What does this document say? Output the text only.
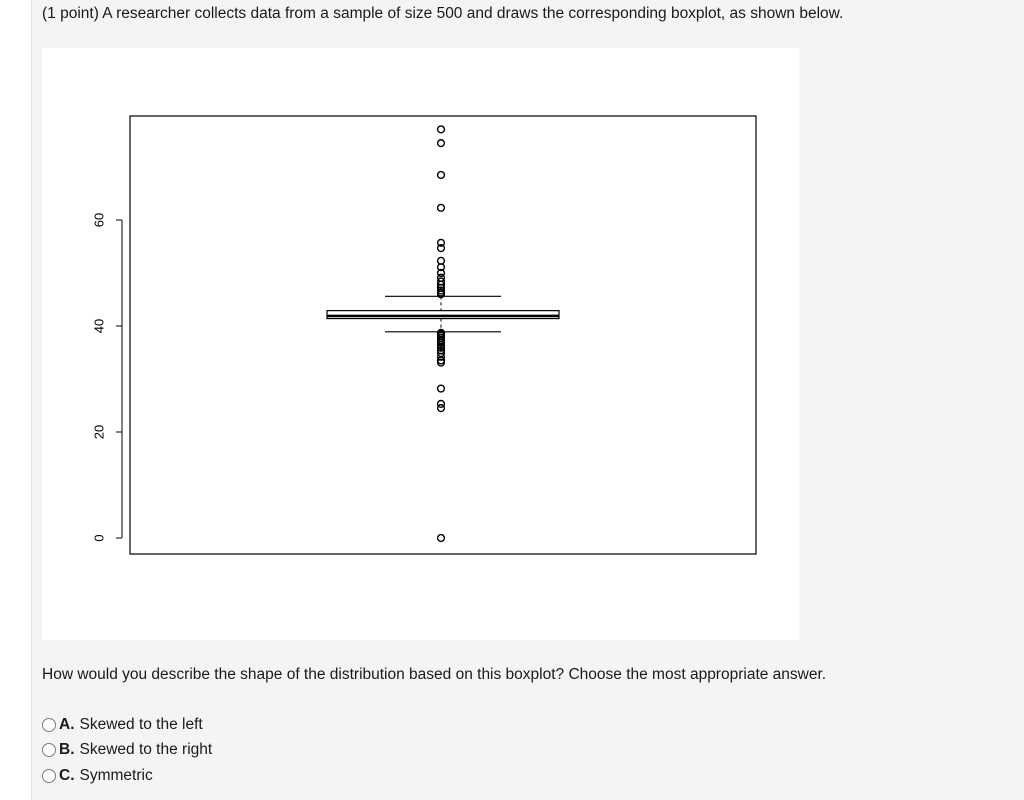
(1 point) A researcher collects data from a sample of size 500 and draws the corresponding boxplot, as shown below.

0
20
40
60

How would you describe the shape of the distribution based on this boxplot? Choose the most appropriate answer.

A. Skewed to the left
B. Skewed to the right
C. Symmetric
